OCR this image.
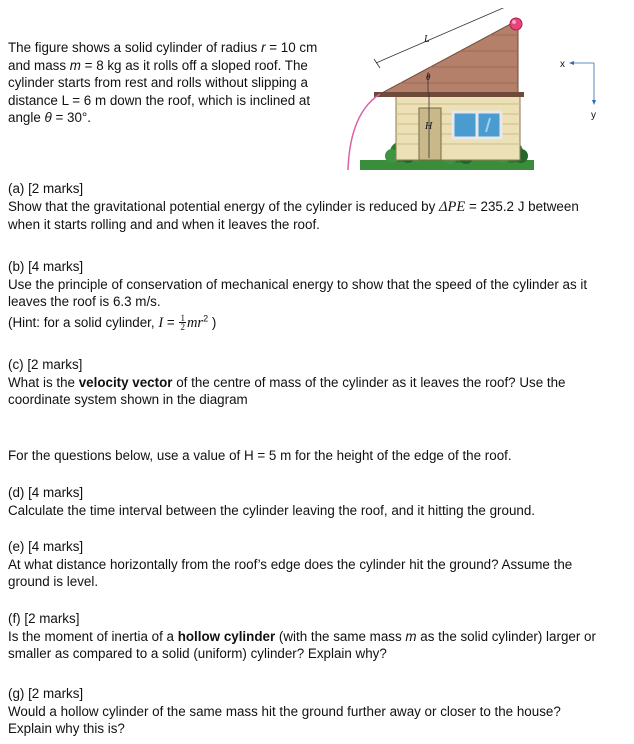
The figure shows a solid cylinder of radius r = 10 cm
and mass m = 8 kg as it rolls off a sloped roof. The
cylinder starts from rest and rolls without slipping a
distance L = 6 m down the roof, which is inclined at
angle θ = 30°.
θ
H
L
x
y

(a) [2 marks]

Show that the gravitational potential energy of the cylinder is reduced by ΔPE = 235.2 J between

when it starts rolling and and when it leaves the roof.

(b) [4 marks]

Use the principle of conservation of mechanical energy to show that the speed of the cylinder as it

leaves the roof is 6.3 m/s.

(Hint: for a solid cylinder, $I = \frac{1}{2} mr^2$ )

(c) [2 marks]

What is the velocity vector of the centre of mass of the cylinder as it leaves the roof? Use the

coordinate system shown in the diagram

For the questions below, use a value of H = 5 m for the height of the edge of the roof.

(d) [4 marks]

Calculate the time interval between the cylinder leaving the roof, and it hitting the ground.

(e) [4 marks]

At what distance horizontally from the roof’s edge does the cylinder hit the ground? Assume the

ground is level.

(f) [2 marks]

Is the moment of inertia of a hollow cylinder (with the same mass m as the solid cylinder) larger or

smaller as compared to a solid (uniform) cylinder? Explain why?

(g) [2 marks]

Would a hollow cylinder of the same mass hit the ground further away or closer to the house?

Explain why this is?
